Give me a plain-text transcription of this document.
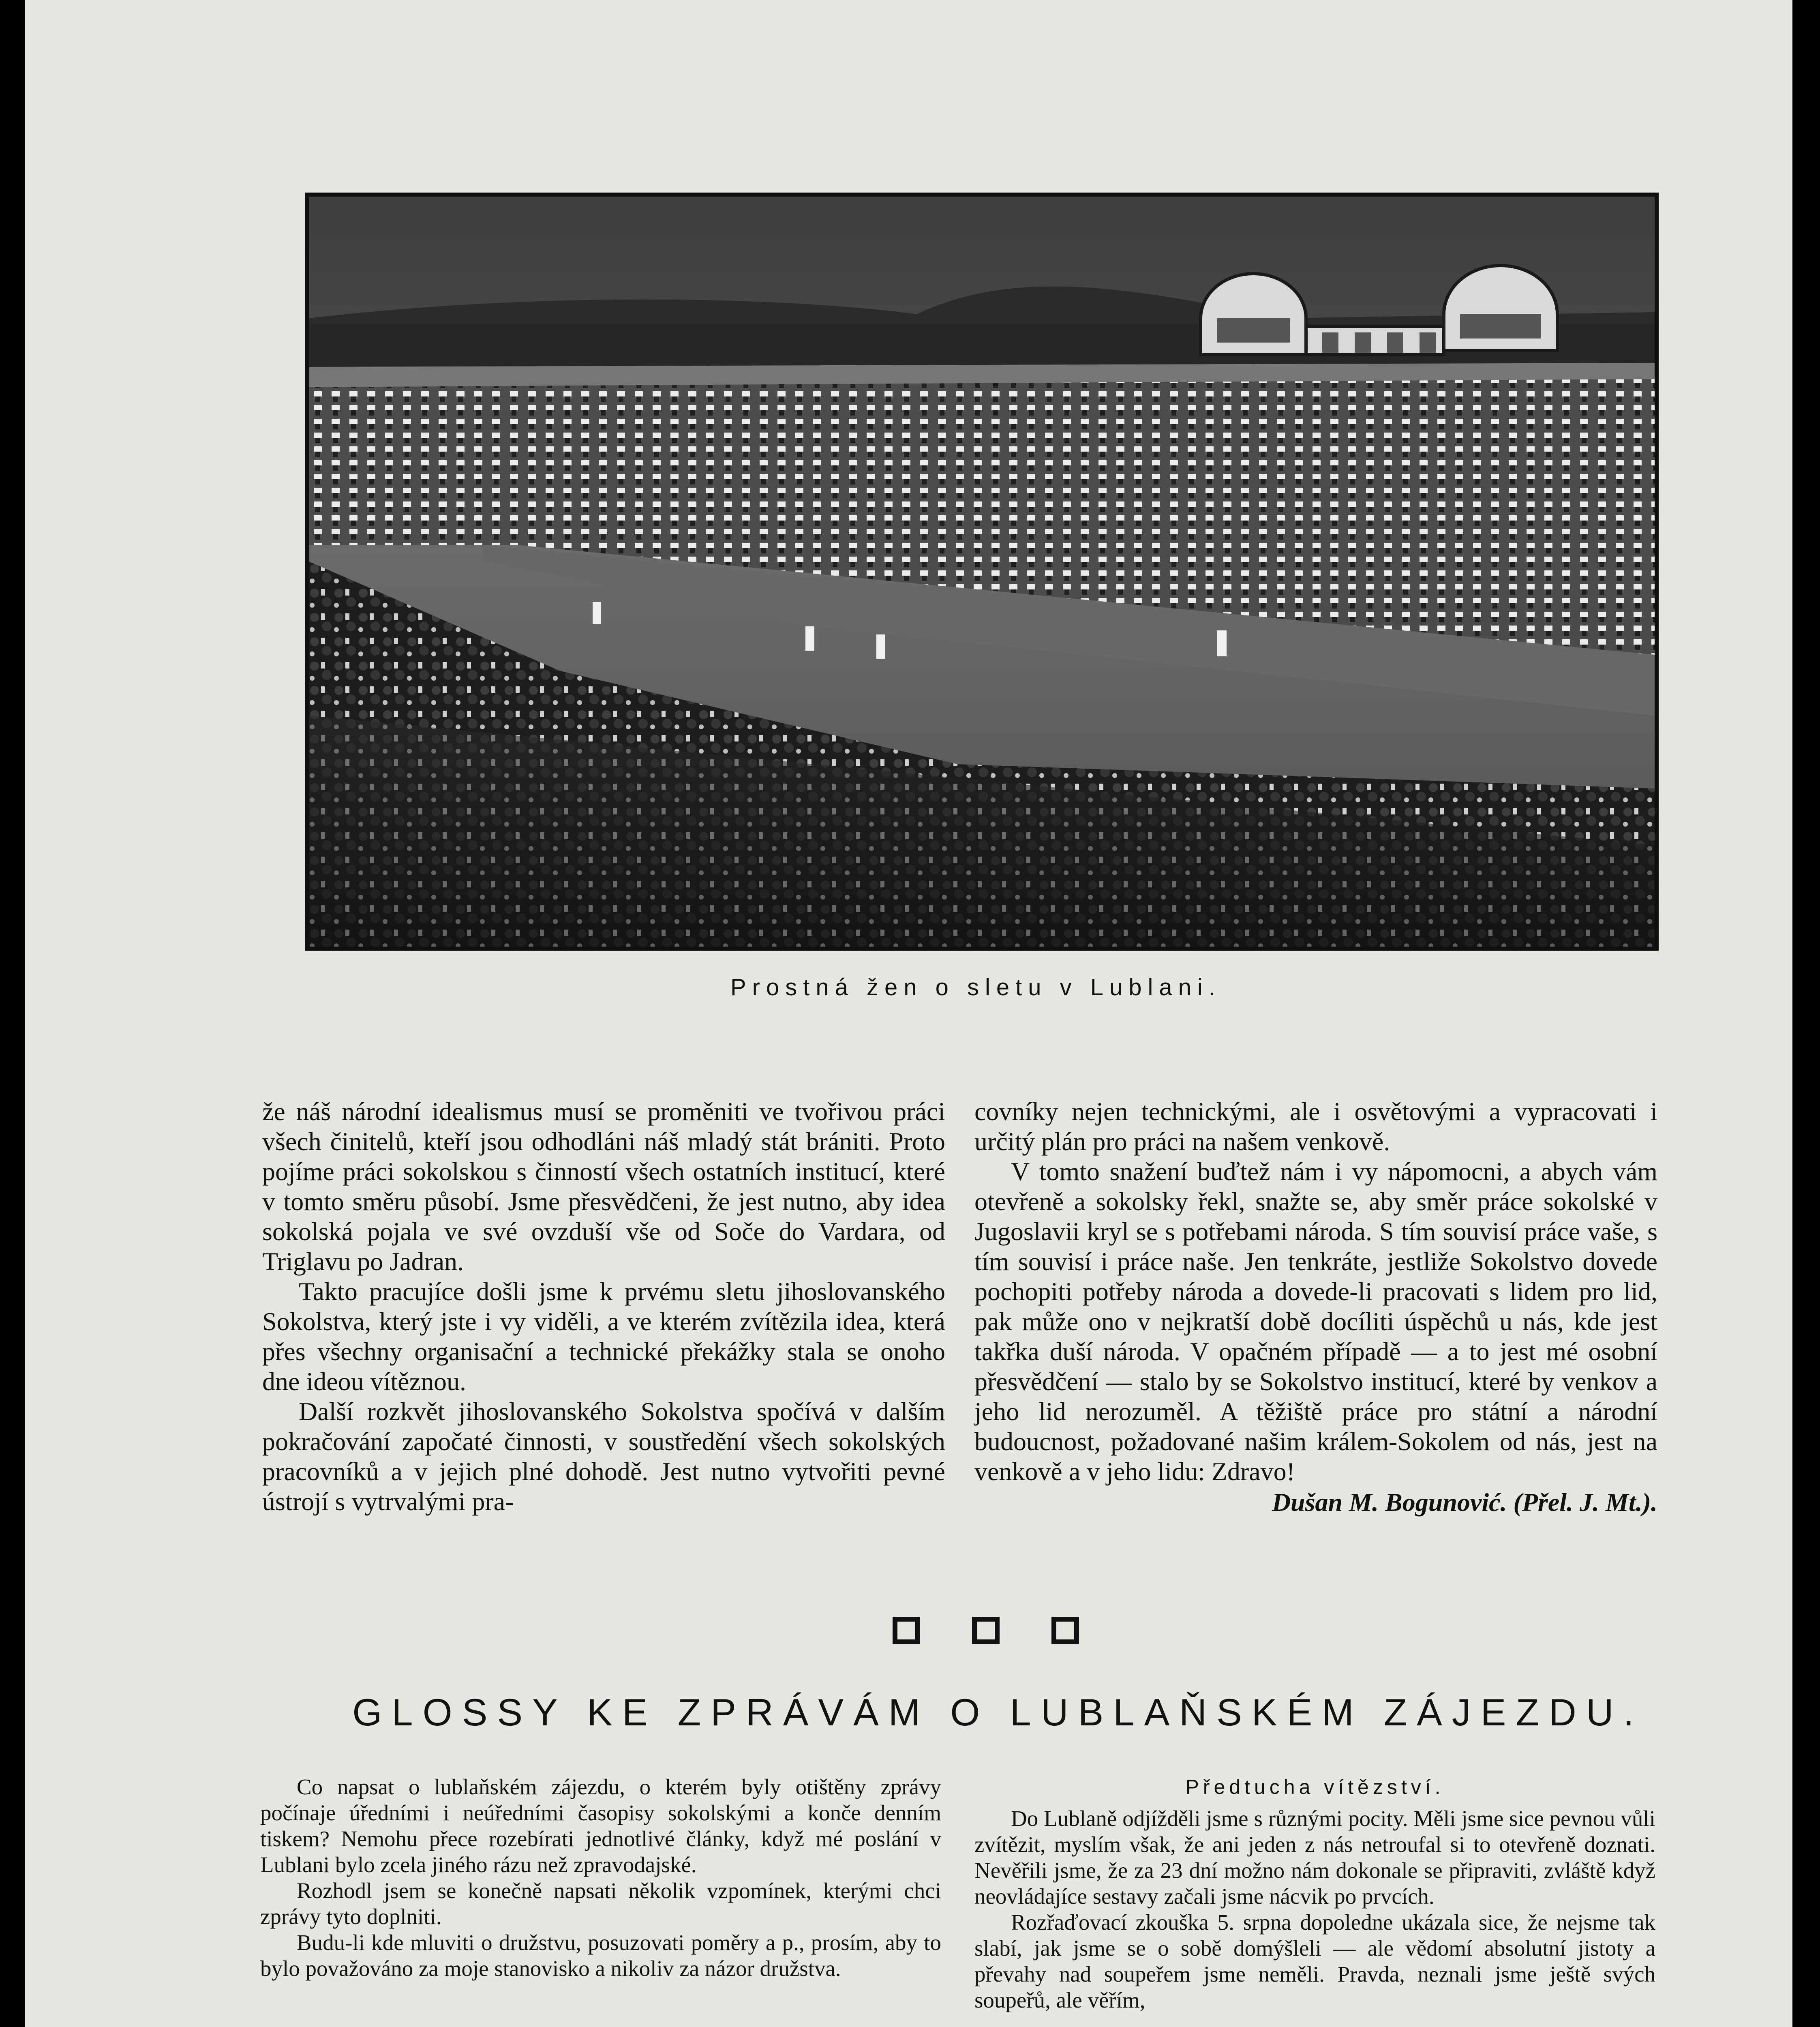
Prostná žen o sletu v Lublani.

že náš národní idealismus musí se proměniti ve tvořivou práci všech činitelů, kteří jsou odhodláni náš mladý stát brániti. Proto pojíme práci sokolskou s činností všech ostatních institucí, které v tomto směru působí. Jsme přesvědčeni, že jest nutno, aby idea sokolská pojala ve své ovzduší vše od Soče do Vardara, od Triglavu po Jadran.

Takto pracujíce došli jsme k prvému sletu jihoslovanského Sokolstva, který jste i vy viděli, a ve kterém zvítězila idea, která přes všechny organisační a technické překážky stala se onoho dne ideou vítěznou.

Další rozkvět jihoslovanského Sokolstva spočívá v dalším pokračování započaté činnosti, v soustředění všech sokolských pracovníků a v jejich plné dohodě. Jest nutno vytvořiti pevné ústrojí s vytrvalými pra-

covníky nejen technickými, ale i osvětovými a vypracovati i určitý plán pro práci na našem venkově.

V tomto snažení buďtež nám i vy nápomocni, a abych vám otevřeně a sokolsky řekl, snažte se, aby směr práce sokolské v Jugoslavii kryl se s potřebami národa. S tím souvisí práce vaše, s tím souvisí i práce naše. Jen tenkráte, jestliže Sokolstvo dovede pochopiti potřeby národa a dovede-li pracovati s lidem pro lid, pak může ono v nejkratší době docíliti úspěchů u nás, kde jest takřka duší národa. V opačném případě — a to jest mé osobní přesvědčení — stalo by se Sokolstvo institucí, které by venkov a jeho lid nerozuměl. A těžiště práce pro státní a národní budoucnost, požadované našim králem-Sokolem od nás, jest na venkově a v jeho lidu: Zdravo!

Dušan M. Bogunović. (Přel. J. Mt.).
GLOSSY KE ZPRÁVÁM O LUBLAŇSKÉM ZÁJEZDU.

Co napsat o lublaňském zájezdu, o kterém byly otištěny zprávy počínaje úředními i neúředními časopisy sokolskými a konče denním tiskem? Nemohu přece rozebírati jednotlivé články, když mé poslání v Lublani bylo zcela jiného rázu než zpravodajské.

Rozhodl jsem se konečně napsati několik vzpomínek, kterými chci zprávy tyto doplniti.

Budu-li kde mluviti o družstvu, posuzovati poměry a p., prosím, aby to bylo považováno za moje stanovisko a nikoliv za názor družstva.

Předtucha vítězství.

Do Lublaně odjížděli jsme s různými pocity. Měli jsme sice pevnou vůli zvítězit, myslím však, že ani jeden z nás netroufal si to otevřeně doznati. Nevěřili jsme, že za 23 dní možno nám dokonale se připraviti, zvláště když neovládajíce sestavy začali jsme nácvik po prvcích.

Rozřaďovací zkouška 5. srpna dopoledne ukázala sice, že nejsme tak slabí, jak jsme se o sobě domýšleli — ale vědomí absolutní jistoty a převahy nad soupeřem jsme neměli. Pravda, neznali jsme ještě svých soupeřů, ale věřím,
